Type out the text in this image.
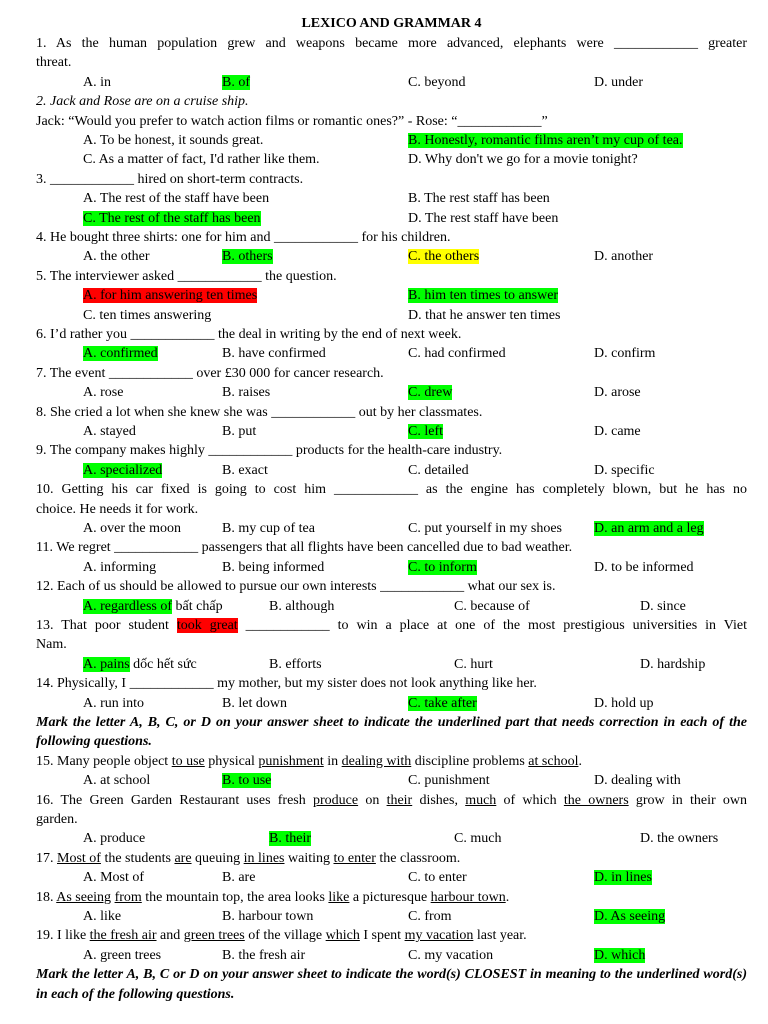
LEXICO AND GRAMMAR 4
1. As the human population grew and weapons became more advanced, elephants were ____________ greater
threat.
A. in	B. of	C. beyond	D. under
2. Jack and Rose are on a cruise ship.
Jack: “Would you prefer to watch action films or romantic ones?” - Rose: “____________”
A. To be honest, it sounds great.	B. Honestly, romantic films aren’t my cup of tea.
C. As a matter of fact, I'd rather like them.	D. Why don't we go for a movie tonight?
3. ____________ hired on short-term contracts.
A. The rest of the staff have been	B. The rest staff has been
C. The rest of the staff has been	D. The rest staff have been
4. He bought three shirts: one for him and ____________ for his children.
A. the other	B. others	C. the others	D. another
5. The interviewer asked ____________ the question.
A. for him answering ten times	B. him ten times to answer
C. ten times answering	D. that he answer ten times
6. I’d rather you ____________ the deal in writing by the end of next week.
A. confirmed	B. have confirmed	C. had confirmed	D. confirm
7. The event ____________ over £30 000 for cancer research.
A. rose	B. raises	C. drew	D. arose
8. She cried a lot when she knew she was ____________ out by her classmates.
A. stayed	B. put	C. left	D. came
9. The company makes highly ____________ products for the health-care industry.
A. specialized	B. exact	C. detailed	D. specific
10. Getting his car fixed is going to cost him ____________ as the engine has completely blown, but he has no
choice. He needs it for work.
A. over the moon	B. my cup of tea	C. put yourself in my shoes D. an arm and a leg
11. We regret ____________ passengers that all flights have been cancelled due to bad weather.
A. informing	B. being informed	C. to inform	D. to be informed
12. Each of us should be allowed to pursue our own interests ____________ what our sex is.
A. regardless of bất chấp	B. although	C. because of	D. since
13. That poor student took great ____________ to win a place at one of the most prestigious universities in Viet
Nam.
A. pains dốc hết sức	B. efforts	C. hurt	D. hardship
14. Physically, I ____________ my mother, but my sister does not look anything like her.
A. run into	B. let down	C. take after	D. hold up
Mark the letter A, B, C, or D on your answer sheet to indicate the underlined part that needs correction in each of the following questions.
15. Many people object to use physical punishment in dealing with discipline problems at school.
A. at school	B. to use	C. punishment	D. dealing with
16. The Green Garden Restaurant uses fresh produce on their dishes, much of which the owners grow in their own
garden.
A. produce	B. their	C. much	D. the owners
17. Most of the students are queuing in lines waiting to enter the classroom.
A. Most of	B. are	C. to enter	D. in lines
18. As seeing from the mountain top, the area looks like a picturesque harbour town.
A. like	B. harbour town	C. from	D. As seeing
19. I like the fresh air and green trees of the village which I spent my vacation last year.
A. green trees	B. the fresh air	C. my vacation	D. which
Mark the letter A, B, C or D on your answer sheet to indicate the word(s) CLOSEST in meaning to the underlined word(s) in each of the following questions.
